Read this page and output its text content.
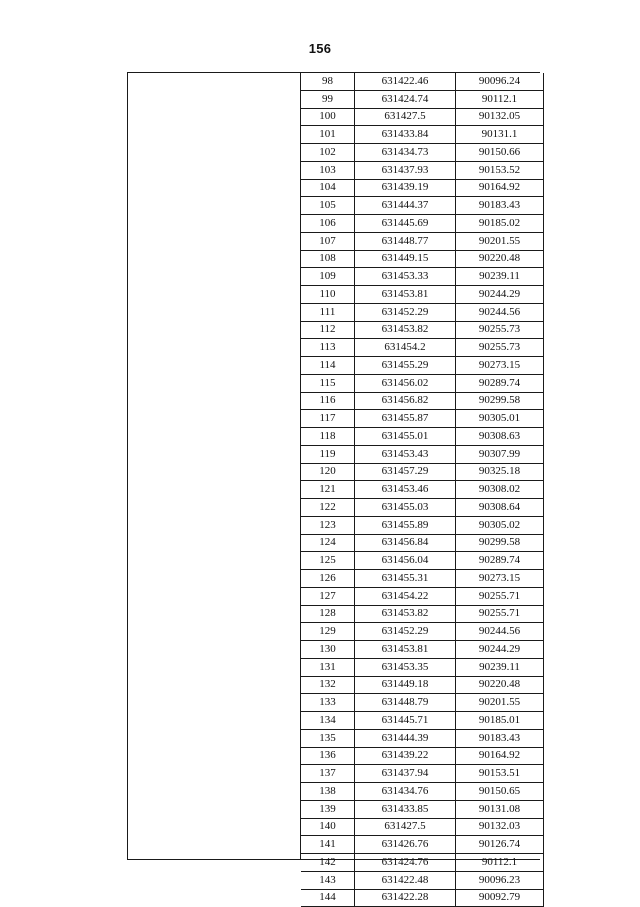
156
98	631422.46	90096.24
99	631424.74	90112.1
100	631427.5	90132.05
101	631433.84	90131.1
102	631434.73	90150.66
103	631437.93	90153.52
104	631439.19	90164.92
105	631444.37	90183.43
106	631445.69	90185.02
107	631448.77	90201.55
108	631449.15	90220.48
109	631453.33	90239.11
110	631453.81	90244.29
111	631452.29	90244.56
112	631453.82	90255.73
113	631454.2	90255.73
114	631455.29	90273.15
115	631456.02	90289.74
116	631456.82	90299.58
117	631455.87	90305.01
118	631455.01	90308.63
119	631453.43	90307.99
120	631457.29	90325.18
121	631453.46	90308.02
122	631455.03	90308.64
123	631455.89	90305.02
124	631456.84	90299.58
125	631456.04	90289.74
126	631455.31	90273.15
127	631454.22	90255.71
128	631453.82	90255.71
129	631452.29	90244.56
130	631453.81	90244.29
131	631453.35	90239.11
132	631449.18	90220.48
133	631448.79	90201.55
134	631445.71	90185.01
135	631444.39	90183.43
136	631439.22	90164.92
137	631437.94	90153.51
138	631434.76	90150.65
139	631433.85	90131.08
140	631427.5	90132.03
141	631426.76	90126.74
142	631424.76	90112.1
143	631422.48	90096.23
144	631422.28	90092.79
